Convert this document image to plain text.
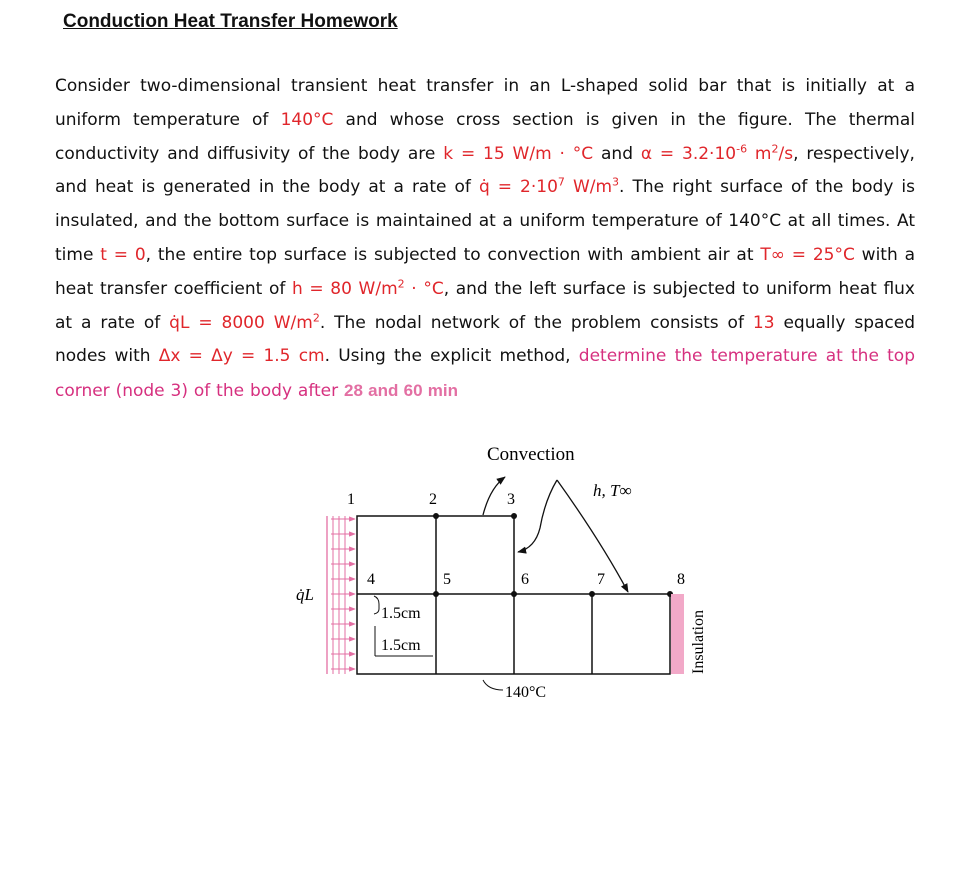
Conduction Heat Transfer Homework
Consider two-dimensional transient heat transfer in an L-shaped solid bar that is initially at a uniform temperature of 140°C and whose cross section is given in the figure. The thermal conductivity and diffusivity of the body are k = 15 W/m · °C and $\alpha = 3.2\cdot 10^{-6}$ $m^2/s$, respectively, and heat is generated in the body at a rate of q̇ = $2\cdot 10^7$ $W/m^3$. The right surface of the body is insulated, and the bottom surface is maintained at a uniform temperature of 140°C at all times. At time t = 0, the entire top surface is subjected to convection with ambient air at T∞ = 25°C with a heat transfer coefficient of h = 80 $W/m^2 \cdot ^\circ C$, and the left surface is subjected to uniform heat flux at a rate of q̇L = 8000 $W/m^2$. The nodal network of the problem consists of 13 equally spaced nodes with Δx = Δy = 1.5 cm. Using the explicit method, determine the temperature at the top corner (node 3) of the body after 28 and 60 min
Convection
h, T∞
1	2	3
4	5	6	7	8
q̇L
1.5cm
1.5cm
140°C
Insulation
